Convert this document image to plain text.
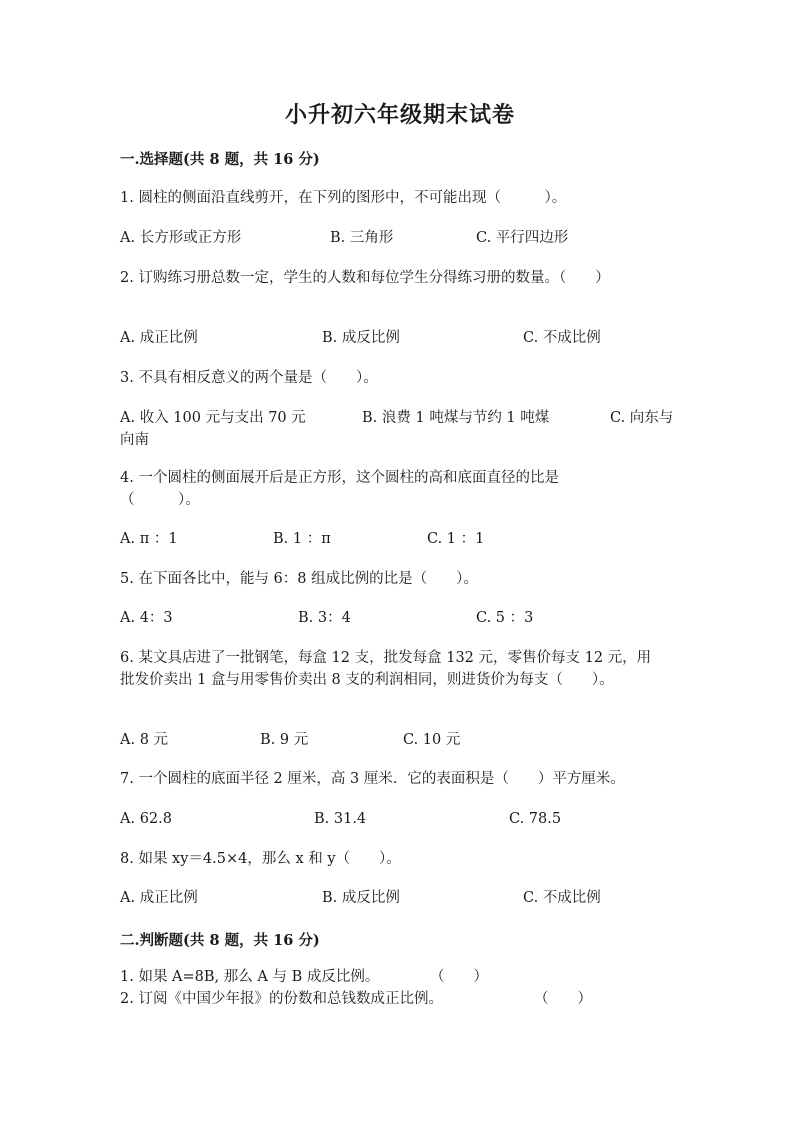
小升初六年级期末试卷
一.选择题(共 8 题，共 16 分)
1. 圆柱的侧面沿直线剪开，在下列的图形中，不可能出现（　　　）。
A. 长方形或正方形	B. 三角形	C. 平行四边形
2. 订购练习册总数一定，学生的人数和每位学生分得练习册的数量。（　　）
A. 成正比例	B. 成反比例	C. 不成比例
3. 不具有相反意义的两个量是（　　）。
A. 收入 100 元与支出 70 元	B. 浪费 1 吨煤与节约 1 吨煤	C. 向东与向南
4. 一个圆柱的侧面展开后是正方形，这个圆柱的高和底面直径的比是（　　　）。
A. π ：1	B. 1 ：π	C. 1 ：1
5. 在下面各比中，能与 6：8 组成比例的比是（　　）。
A. 4：3	B. 3：4	C. 5 ：3
6. 某文具店进了一批钢笔，每盒 12 支，批发每盒 132 元，零售价每支 12 元，用批发价卖出 1 盒与用零售价卖出 8 支的利润相同，则进货价为每支（　　）。
A. 8 元	B. 9 元	C. 10 元
7. 一个圆柱的底面半径 2 厘米，高 3 厘米．它的表面积是（　　）平方厘米。
A. 62.8	B. 31.4	C. 78.5
8. 如果 xy＝4.5×4，那么 x 和 y（　　）。
A. 成正比例	B. 成反比例	C. 不成比例
二.判断题(共 8 题，共 16 分)
1. 如果 A=8B, 那么 A 与 B 成反比例。	（　　）
2. 订阅《中国少年报》的份数和总钱数成正比例。	（　　）
